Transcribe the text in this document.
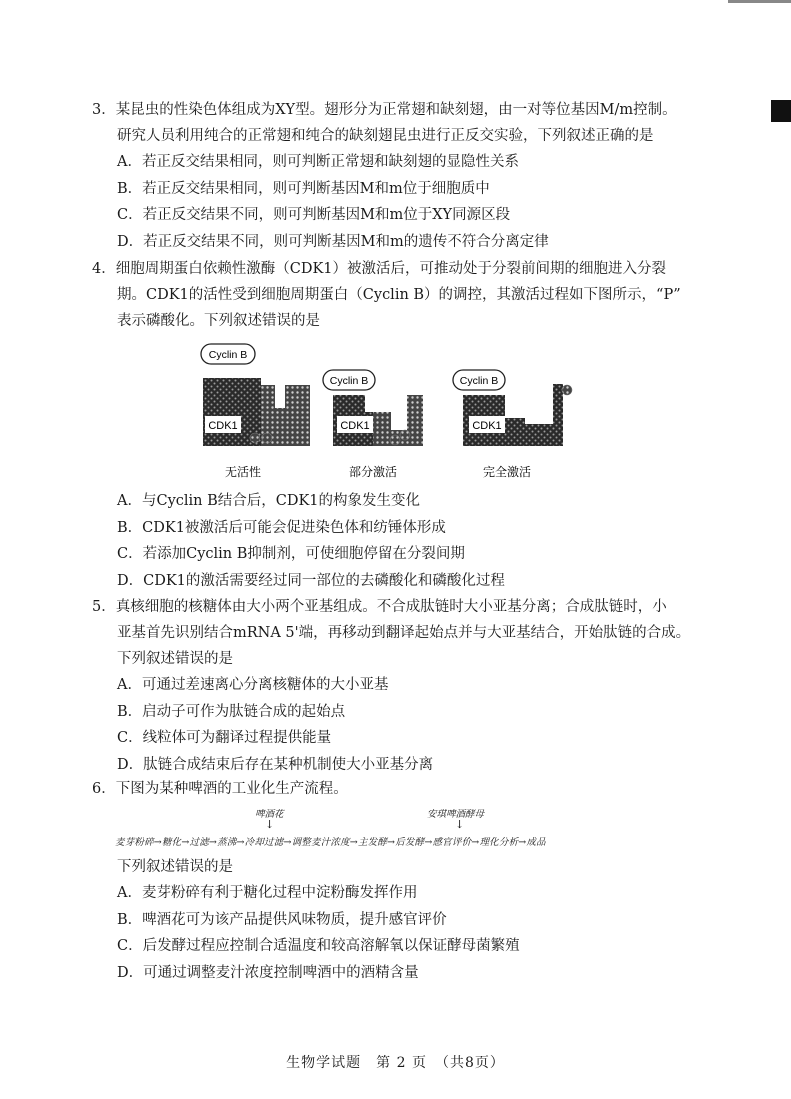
3．某昆虫的性染色体组成为XY型。翅形分为正常翅和缺刻翅，由一对等位基因M/m控制。
研究人员利用纯合的正常翅和纯合的缺刻翅昆虫进行正反交实验，下列叙述正确的是
A．若正反交结果相同，则可判断正常翅和缺刻翅的显隐性关系
B．若正反交结果相同，则可判断基因M和m位于细胞质中
C．若正反交结果不同，则可判断基因M和m位于XY同源区段
D．若正反交结果不同，则可判断基因M和m的遗传不符合分离定律
4．细胞周期蛋白依赖性激酶（CDK1）被激活后，可推动处于分裂前间期的细胞进入分裂
期。CDK1的活性受到细胞周期蛋白（Cyclin B）的调控，其激活过程如下图所示，“P”
表示磷酸化。下列叙述错误的是
Cyclin B
CDK1
无活性
Cyclin B
CDK1
部分激活
Cyclin B
CDK1
完全激活
A．与Cyclin B结合后，CDK1的构象发生变化
B．CDK1被激活后可能会促进染色体和纺锤体形成
C．若添加Cyclin B抑制剂，可使细胞停留在分裂间期
D．CDK1的激活需要经过同一部位的去磷酸化和磷酸化过程
5．真核细胞的核糖体由大小两个亚基组成。不合成肽链时大小亚基分离；合成肽链时，小
亚基首先识别结合mRNA 5'端，再移动到翻译起始点并与大亚基结合，开始肽链的合成。
下列叙述错误的是
A．可通过差速离心分离核糖体的大小亚基
B．启动子可作为肽链合成的起始点
C．线粒体可为翻译过程提供能量
D．肽链合成结束后存在某种机制使大小亚基分离
6．下图为某种啤酒的工业化生产流程。
啤酒花
↓
安琪啤酒酵母
↓
麦芽粉碎→糖化→过滤→蒸沸→冷却过滤→调整麦汁浓度→主发酵→后发酵→感官评价→理化分析→成品
下列叙述错误的是
A．麦芽粉碎有利于糖化过程中淀粉酶发挥作用
B．啤酒花可为该产品提供风味物质，提升感官评价
C．后发酵过程应控制合适温度和较高溶解氧以保证酵母菌繁殖
D．可通过调整麦汁浓度控制啤酒中的酒精含量
生物学试题　第 2 页　（共8页）
